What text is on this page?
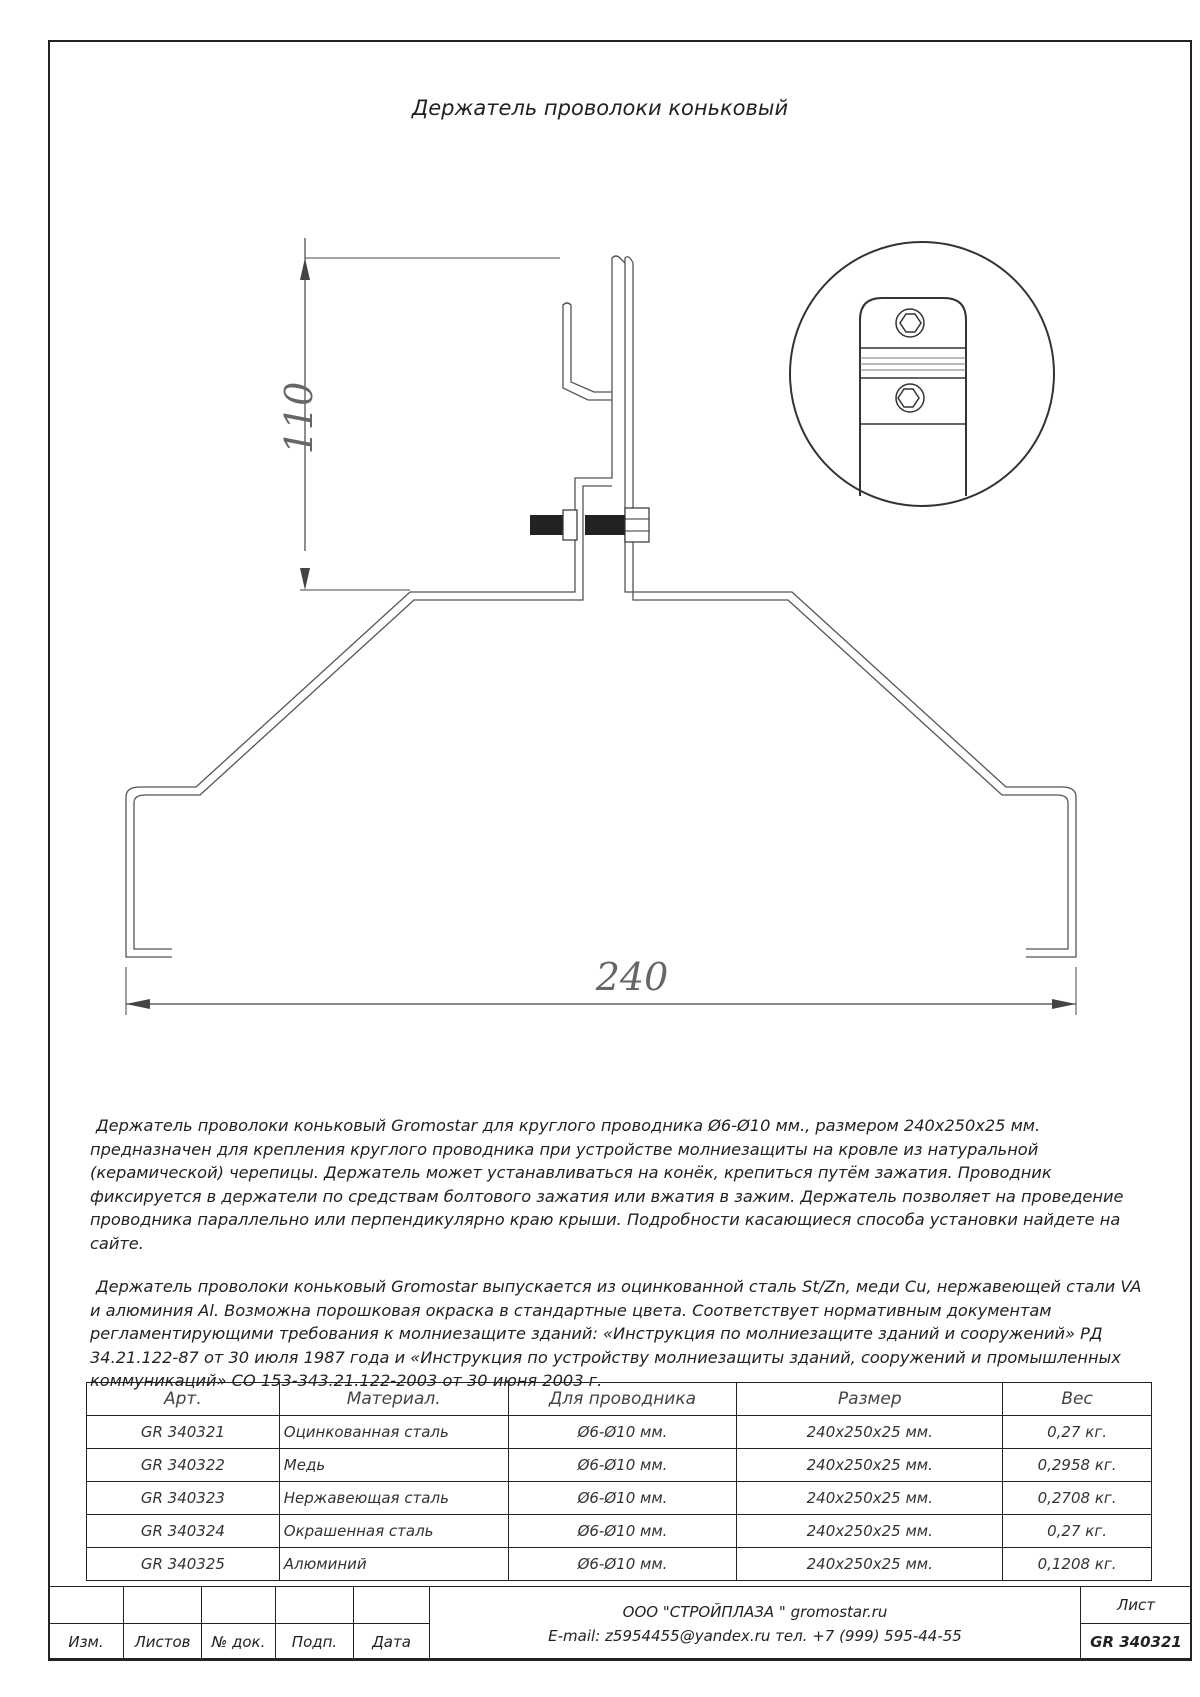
Держатель проволоки коньковый
110
240

Держатель проволоки коньковый Gromostar для круглого проводника Ø6-Ø10 мм., размером 240x250x25 мм. предназначен для крепления круглого проводника при устройстве молниезащиты на кровле из натуральной (керамической) черепицы. Держатель может устанавливаться на конёк, крепиться путём зажатия. Проводник фиксируется в держатели по средствам болтового зажатия или вжатия в зажим. Держатель позволяет на проведение проводника параллельно или перпендикулярно краю крыши. Подробности касающиеся способа установки найдете на сайте.

Держатель проволоки коньковый Gromostar выпускается из оцинкованной сталь St/Zn, меди Cu, нержавеющей стали VA и алюминия Al. Возможна порошковая окраска в стандартные цвета. Соответствует нормативным документам регламентирующими требования к молниезащите зданий: «Инструкция по молниезащите зданий и сооружений» РД 34.21.122-87 от 30 июля 1987 года и «Инструкция по устройству молниезащиты зданий, сооружений и промышленных коммуникаций» СО 153-343.21.122-2003 от 30 июня 2003 г.

Арт.	Материал.	Для проводника	Размер	Вес
GR 340321	Оцинкованная сталь	Ø6-Ø10 мм.	240x250x25 мм.	0,27 кг.
GR 340322	Медь	Ø6-Ø10 мм.	240x250x25 мм.	0,2958 кг.
GR 340323	Нержавеющая сталь	Ø6-Ø10 мм.	240x250x25 мм.	0,2708 кг.
GR 340324	Окрашенная сталь	Ø6-Ø10 мм.	240x250x25 мм.	0,27 кг.
GR 340325	Алюминий	Ø6-Ø10 мм.	240x250x25 мм.	0,1208 кг.

					ООО "СТРОЙПЛАЗА " gromostar.ru
E-mail: z5954455@yandex.ru тел. +7 (999) 595-44-55	Лист
Изм.	Листов	№ док.	Подп.	Дата		GR 340321
